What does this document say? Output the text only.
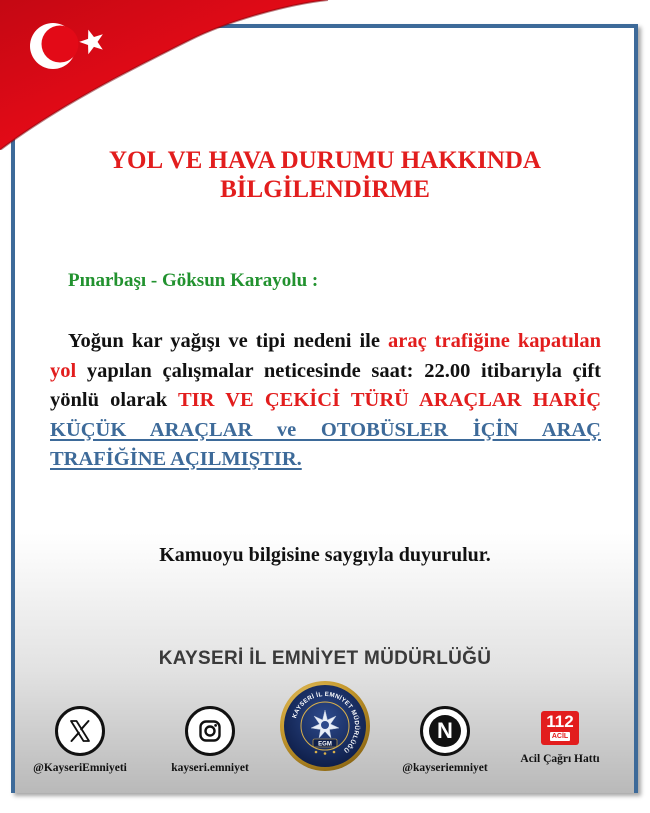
YOL VE HAVA DURUMU HAKKINDA
BİLGİLENDİRME
Pınarbaşı - Göksun Karayolu :
Yoğun kar yağışı ve tipi nedeni ile araç trafiğine kapatılan yol yapılan çalışmalar neticesinde saat: 22.00 itibarıyla çift yönlü olarak TIR VE ÇEKİCİ TÜRÜ ARAÇLAR HARİÇ KÜÇÜK ARAÇLAR ve OTOBÜSLER İÇİN ARAÇ TRAFİĞİNE AÇILMIŞTIR.
Kamuoyu bilgisine saygıyla duyurulur.
KAYSERİ İL EMNİYET MÜDÜRLÜĞÜ
@KayseriEmniyeti	kayseri.emniyet
KAYSERİ İL EMNİYET MÜDÜRLÜĞÜ
EGM
N
@kayseriemniyet
112
ACİL
Acil Çağrı Hattı
